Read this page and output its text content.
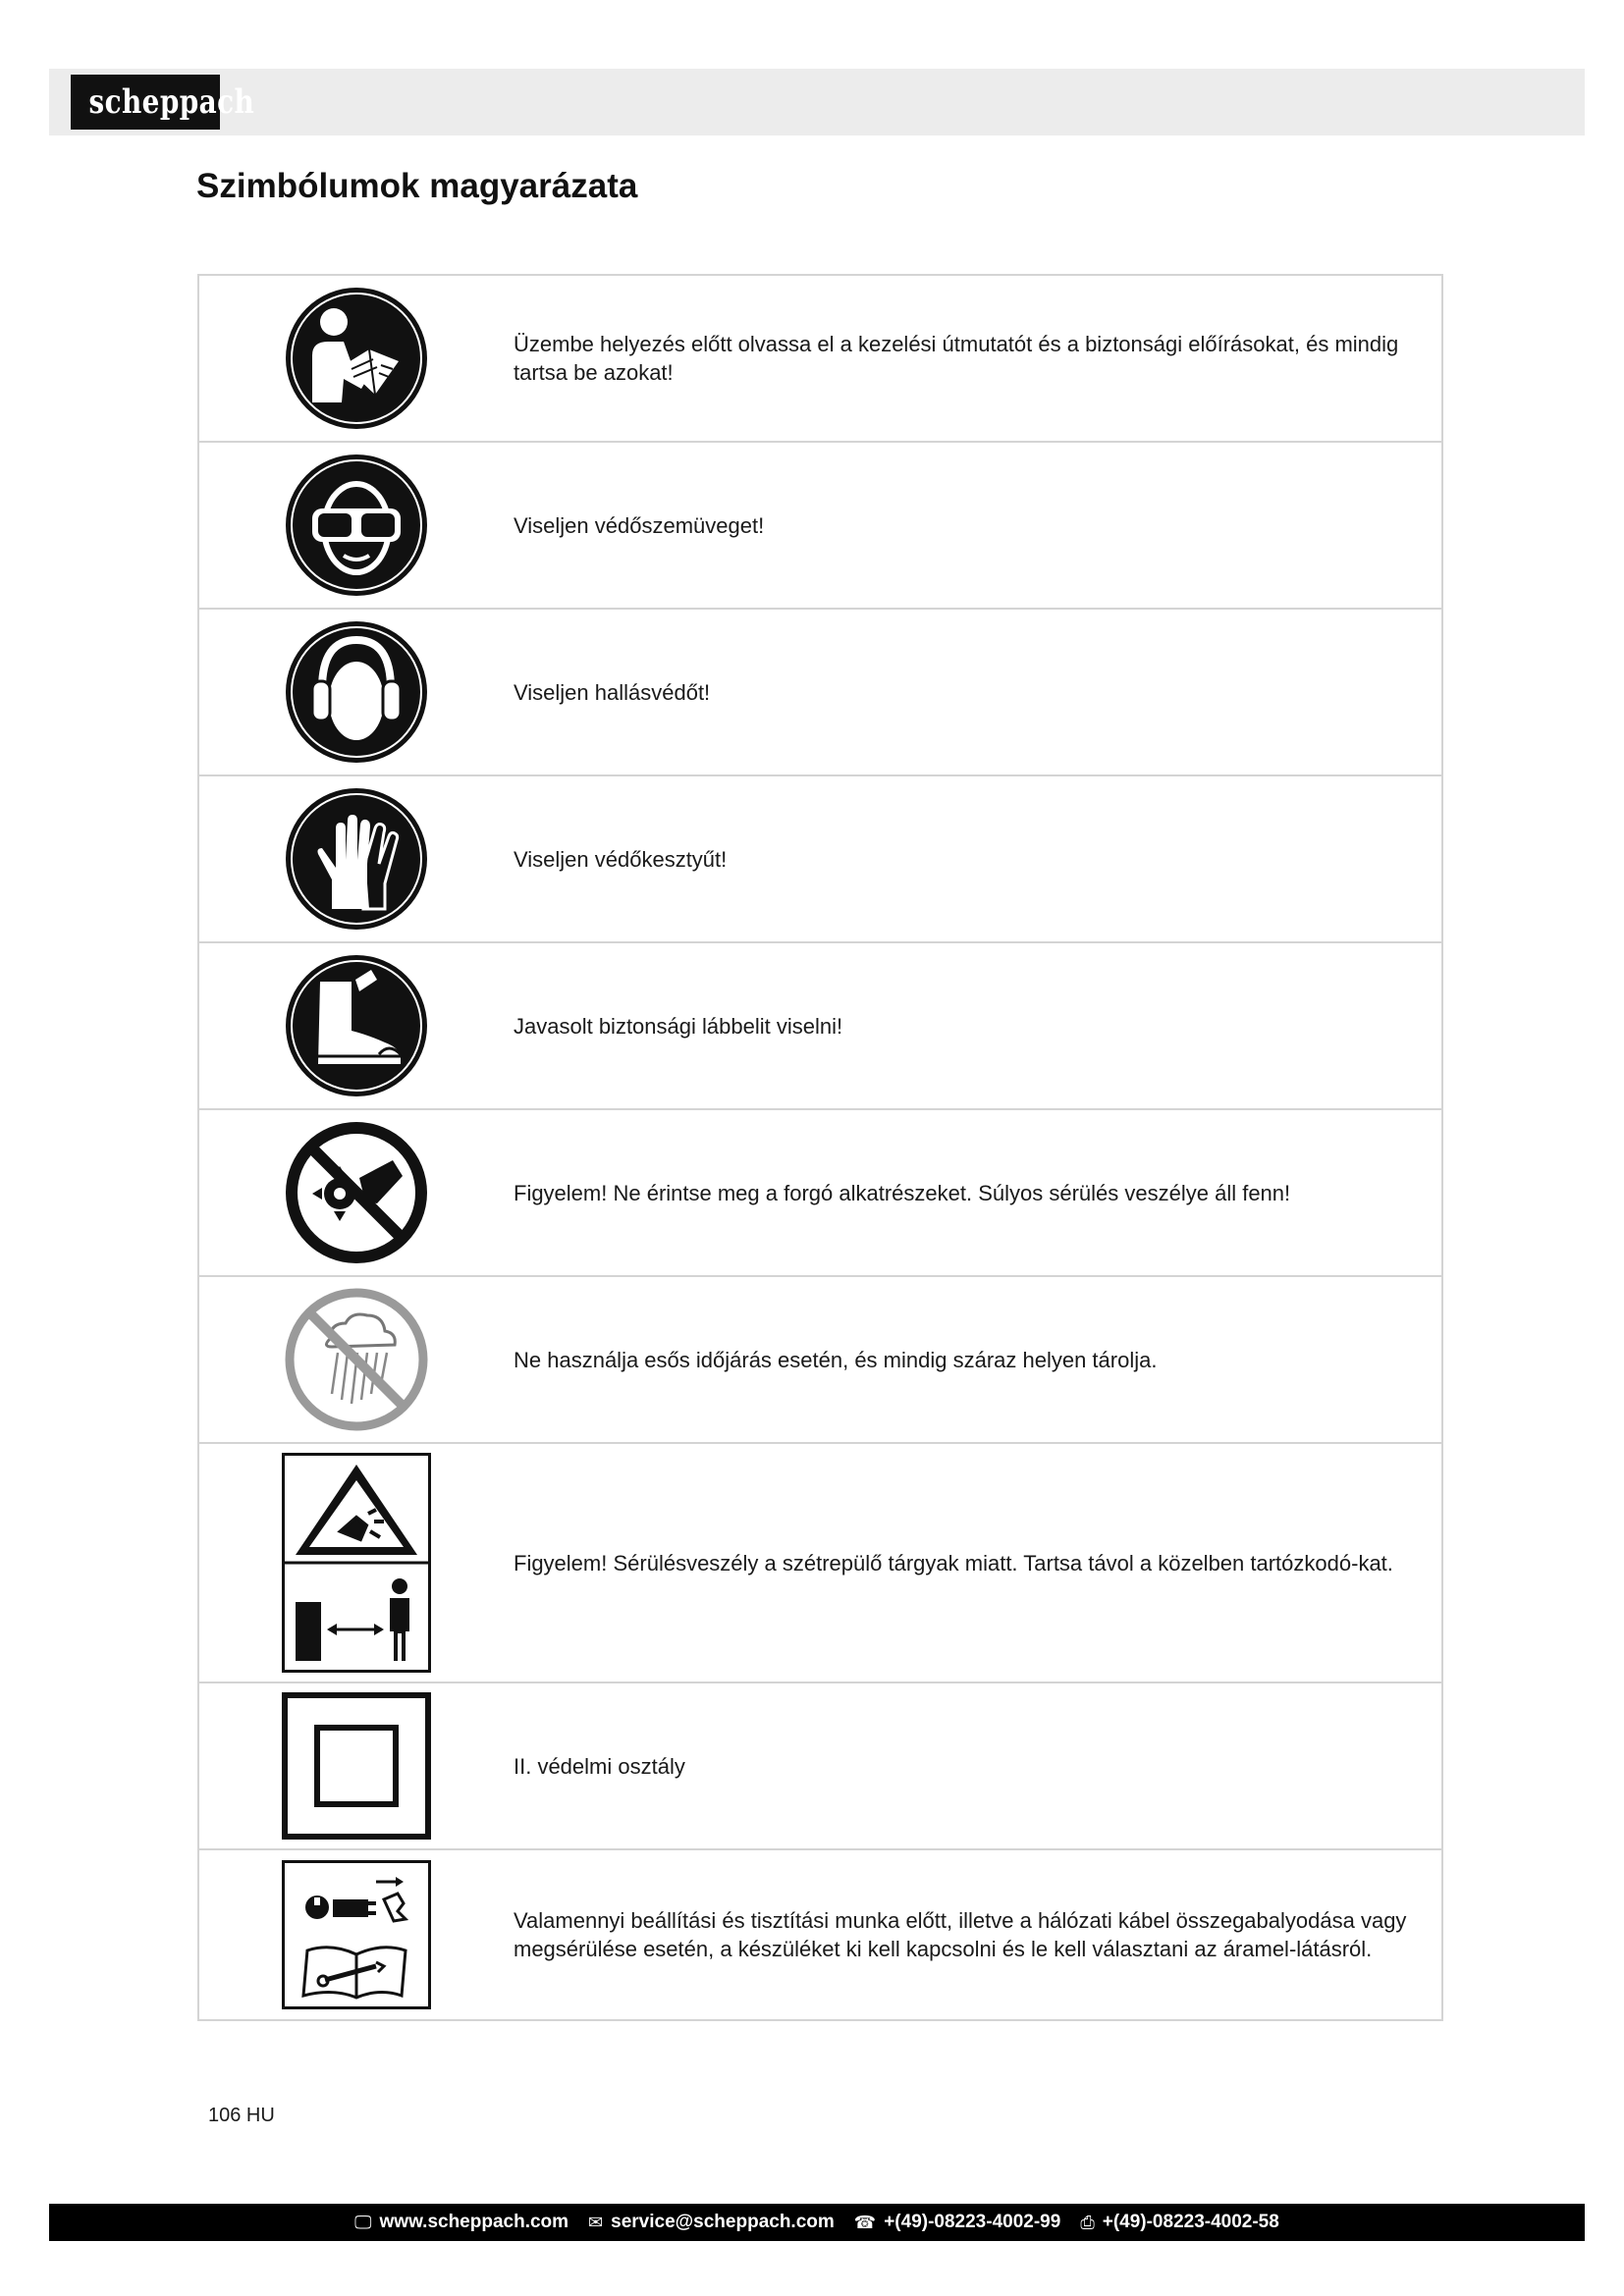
scheppach
Szimbólumok magyarázata
Üzembe helyezés előtt olvassa el a kezelési útmutatót és a biztonsági előírásokat, és mindig tartsa be azokat!
Viseljen védőszemüveget!
Viseljen hallásvédőt!
Viseljen védőkesztyűt!
Javasolt biztonsági lábbelit viselni!
Figyelem! Ne érintse meg a forgó alkatrészeket. Súlyos sérülés veszélye áll fenn!
Ne használja esős időjárás esetén, és mindig száraz helyen tárolja.
Figyelem! Sérülésveszély a szétrepülő tárgyak miatt. Tartsa távol a közelben tartózkodó-kat.
II. védelmi osztály
Valamennyi beállítási és tisztítási munka előtt, illetve a hálózati kábel összegabalyodása vagy megsérülése esetén, a készüléket ki kell kapcsolni és le kell választani az áramel-látásról.
106 HU
🖵 www.scheppach.com ✉ service@scheppach.com ☎ +(49)-08223-4002-99 ⎙ +(49)-08223-4002-58
